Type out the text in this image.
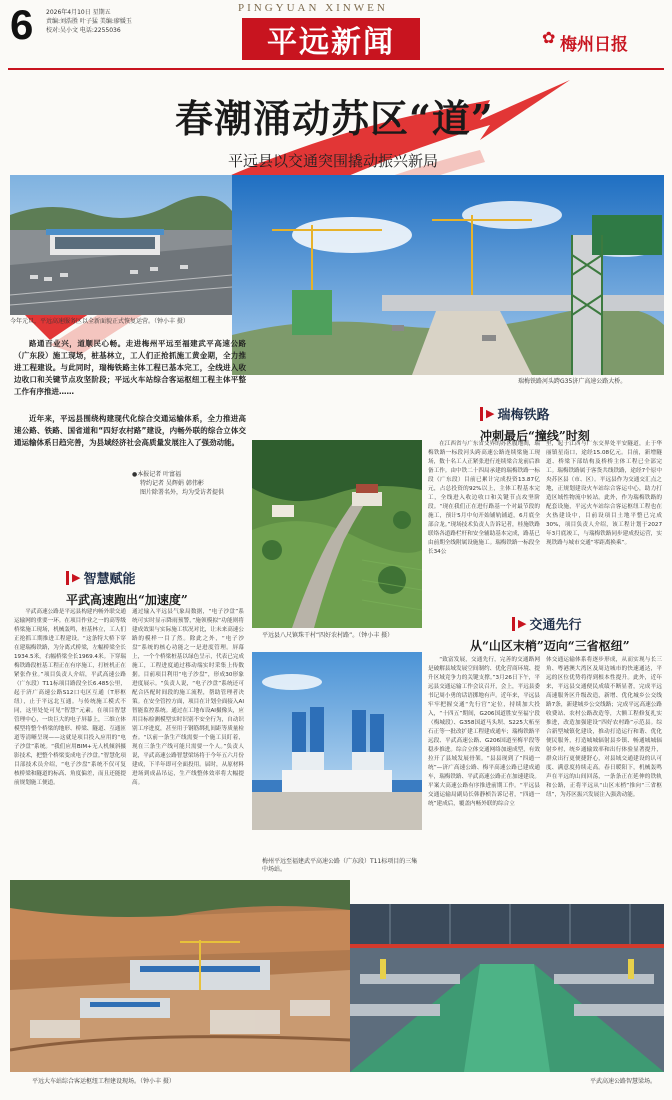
6 2026年4月10日 星期五
责编:刘浩胜 叶子猛 美编:廖媛玉
校对:吴小文 电话:2255036
PINGYUAN XINWEN
平远新闻	✿ 梅州日报
春潮涌动苏区“道”
平远县以交通突围撬动振兴新局
今年元旦，平远高速服务区以全新面貌正式恢复运营。（钟小丰 摄）
瑞梅铁路河头跨G35济广高速公路大桥。
路通百业兴，道顺民心畅。走进梅州平远至福建武平高速公路（广东段）施工现场，桩基林立，工人们正抢抓施工黄金期，全力推进工程建设。与此同时，瑞梅铁路主体工程已基本完工，全线进入收边收口和关键节点攻坚阶段；平远火车站综合客运枢纽工程主体平整工作有序推进……
近年来，平远县围绕构建现代化综合交通运输体系，全力推进高速公路、铁路、国省道和“四好农村路”建设，内畅外联的综合立体交通运输体系日趋完善，为县域经济社会高质量发展注入了强劲动能。
●本报记者 叶富福
特约记者 吴辉娟 韩伟彬
图片除署名外，均为受访者提供
▶ 智慧赋能
平武高速跑出“加速度”
平武高速公路是平远县构建内畅外联交通运输网的重要一环。在项目作业之一的高等级桥梁施工现场，机械轰鸣，桩基林立，工人们正抢抓工期推进工程建设。“这条特大桥下穿在建瑞梅铁路，为分离式桥梁，左幅桥梁全长1934.5米，右幅桥梁全长1969.4米。下穿瑞梅铁路段桩基工程正在有序施工，打桩机正在紧张作业。”项目负责人介绍，平武高速公路（广东段）T11标项目路段全长6.485公里，起于济广高速公路S12口屯区互通（T形枢纽），止于平远北互通。与传统施工模式不同，这里处处可见“智慧”元素。在项目智慧管理中心，一块巨大的电子屏幕上，三维立体模型将整个桥梁的地形、桥梁、隧道、互通匝道等清晰呈现——这就是项目投入应用的“电子沙盘”系统。“我们应用BIM+无人机倾斜摄影技术，把整个桥梁变成电子沙盘。”智慧化项目部技术员介绍，“电子沙盘”系统不仅可复核桥梁和隧道的标高、角度偏差，而且还能提前规划施工便道。
通过输入平远县气象局数据，“电子沙盘”系统可实时显示降雨预警，”施领模拟“功能则将建成效果与实际施工状况对比，让未来高速公路的模样一目了然。除此之外，“电子沙盘”系统的核心功能之一是进度管理。屏幕上，一个个桥梁桩基以绿色呈示，代表已完成施工，工程进度通过移动端实时采集上传数据。目前项目利用“电子沙盘”，形成30形象进度展示。“负责人说，“电子沙盘”系统还可配合匹配时间段的施工流程，帮助管理者决策。在安全管控方面，项目在计划全面接入AI智能监控系统。通过在工地布设AI摄像头，应用目标检测模型实时识别不安全行为，自动识别工序进度，甚至用于钢筋绑扎间距等质量检查。“以前一条生产线需要一个施工员盯着，现在三条生产线可能只需要一个人。”负责人说，平武高速公路智慧梁场将于今年五六月份建成，下半年即可全面投用。届时，从原材料进场到成品吊运，生产线整体效率将大幅提高。
平远县八尺镇珠干村“四好农村路”。（钟小丰 摄）
梅州平远至福建武平高速公路（广东段）T11标项目的三集中场站。
▶ 瑞梅铁路
冲刺最后“撞线”时刻
在江西省与广东省交界的苏区腹地间，瑞梅铁路一标段河头跨高速公路连续梁施工现场，数十名工人正紧张进行连续梁合龙前后准备工作。由中铁二十四局承建的瑞梅铁路一标段（广东段）目前已累计完成投资13.87亿元，占总投资的92%以上，主体工程基本完工，全线进入收边收口和关键节点攻坚阶段。“现在我们正在进行路基一个对最节段的施工，预计5月中旬开始铺轨铺道，6月底全部合龙。”现场技术负责人告诉记者，桂施铁路联络各道路栏杆和安全辅助基本完成，路基已由前期全线附属设施施工。瑞梅铁路一标段全长34公
里，起于江西与广东交界处平安隧道，止于华丽镇星南口，途经15.08亿元。目前，新增隧道、桥梁下部结构及桥桥主体工程已全部完工。瑞梅铁路属于客货共线铁路，途经7个原中央苏区县（市、区）。平远县作为交通交汇点之地，正规划建设火车站综合客运中心，助力打造区域性物流中转站。此外，作为瑞梅铁路的配套设施，平远火车站综合客运枢纽工程也在火热建设中，目前设项目土地平整已完成30%，项目负责人介绍，该工程计划于2027年3月底竣工，与瑞梅铁路同步建成投运营，实现铁路与城市交通“零距离换乘”。
▶ 交通先行
从“山区末梢”迈向“三省枢纽”
“致富发展，交通先行，完善的交通路网是破解县域发展空间制约、优化营商环境、提升区域竞争力的关键支撑。”3月26日下午，平远县交通运输工作会议召开，会上，平远县委书记周小勇的话语掷地有声。近年来，平远县牢牢把握交通“先行官”定位，持续加大投入，“十四五”期间，G206国道胜安至福宁段（梅城段）、G358国道马头坝、S225大柘至石正等一批改扩建工程建成通车；瑞梅铁路平远段、平武高速公路、G206国道至梅平段等稳步推进。综合立体交通网络加速成型，有效拉开了县域发展骨架。“县县现到了”四通一统”—济广高速公路、梅平高速公路已建成通车，瑞梅铁路、平武高速公路正在加速建设。平案大高速公路有序推进前期工作。“平远县交通运输局副局长韩静桢告诉记者，“四通一统”建成后，覆盖内畅外联的综合立
体交通运输体系将逐步形成，从而实现与长三角、粤港澳大湾区及周边城市的快速通达，平远的区位优势将得到根本性提升。此外，近年来，平远县交通便民成绩不断显著，完成平远高速服务区升级改造，新增、优化城乡公交线路7条，新建城乡公交线路；完成平远高速公路收费站、农村公路改造等，大额工程修复扎实推进，改造加强建设“四好农村路”示范县。综合新型城镇化建设，推动打造运行和谐、优化便民服务，打造城城辐射县乡镇、畅通城城辐射乡村，统乡通输效率和出行体验显著提升，群众出行更便捷舒心，对县域交通建设的认可度、满意度持续走高。春日暖阳下，机械轰鸣声在平远的山间回荡，一条条正在延伸的铁轨和公路，正将平远从“山区末梢”推向“三省枢纽”，为苏区振兴发展注入强劲动能。
平远大车站综合客运枢纽工程建设现场。（钟小丰 摄）	平武高速公路智慧梁场。
